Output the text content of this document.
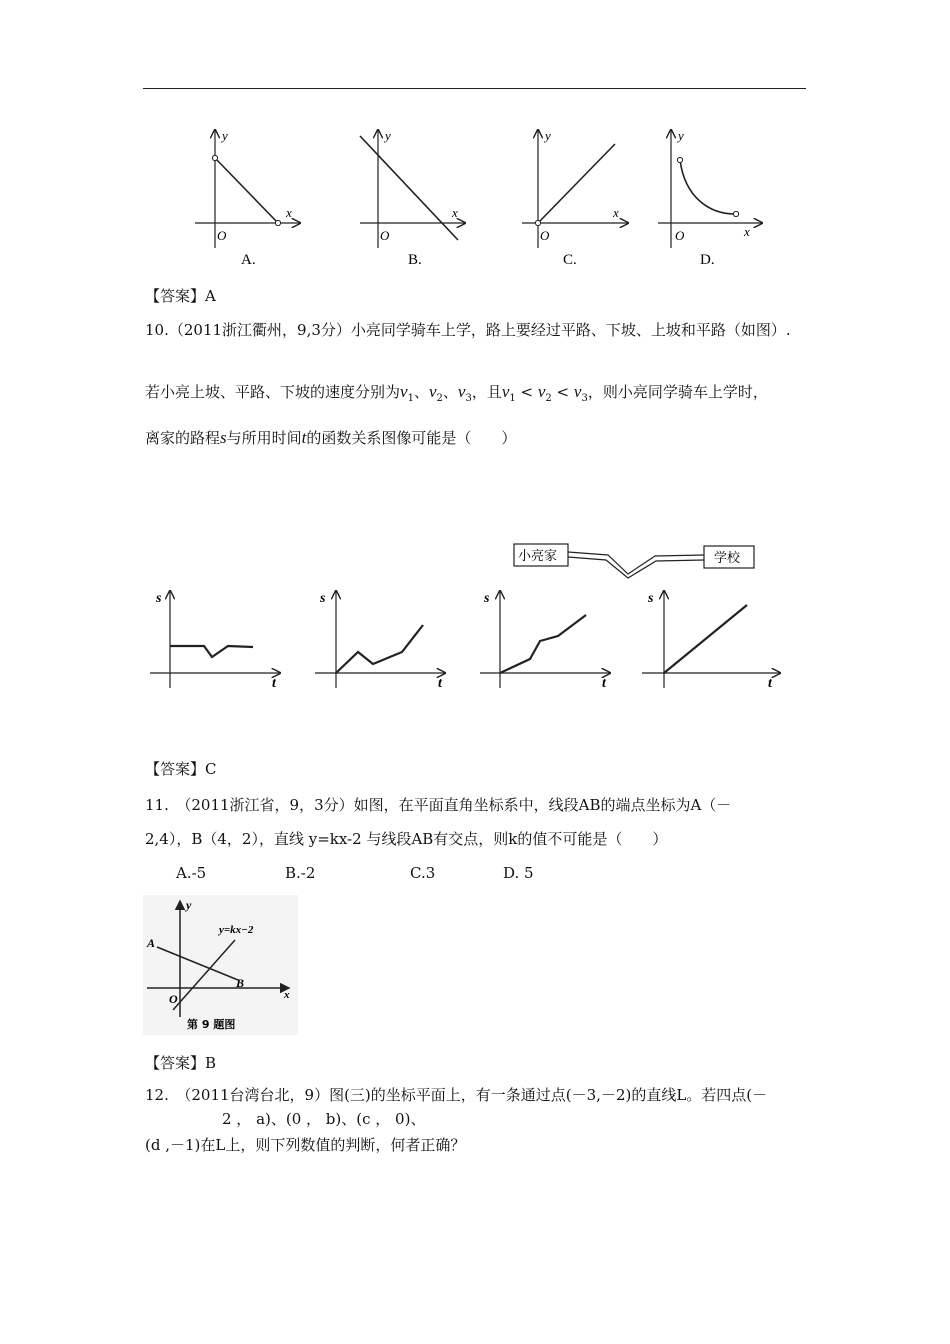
y
x
O
A.
y
x
O
B.
y
x
O
C.
y
x
O
D.
【答案】A
10.（2011浙江衢州，9,3分）小亮同学骑车上学，路上要经过平路、下坡、上坡和平路（如图）.
若小亮上坡、平路、下坡的速度分别为$v_1$、$v_2$、$v_3$，且$v_1 < v_2 < v_3$，则小亮同学骑车上学时，
离家的路程s与所用时间t的函数关系图像可能是（　　）
小亮家	学校
s
t
s
t
s
t
s
t
【答案】C
11.　（2011浙江省，9，3分）如图，在平面直角坐标系中，线段AB的端点坐标为A（－
2,4），B（4，2），直线 y=kx-2 与线段AB有交点，则k的值不可能是（　　）
A.-5	B.-2	C.3	D. 5
y
x
A
B
O
y=kx−2
第 9 题图
【答案】B
12.　（2011台湾台北，9）图(三)的坐标平面上，有一条通过点(－3,－2)的直线L。若四点(－
2 ， a)、(0 ， b)、(c ， 0)、
(d ,－1)在L上，则下列数值的判断，何者正确？
